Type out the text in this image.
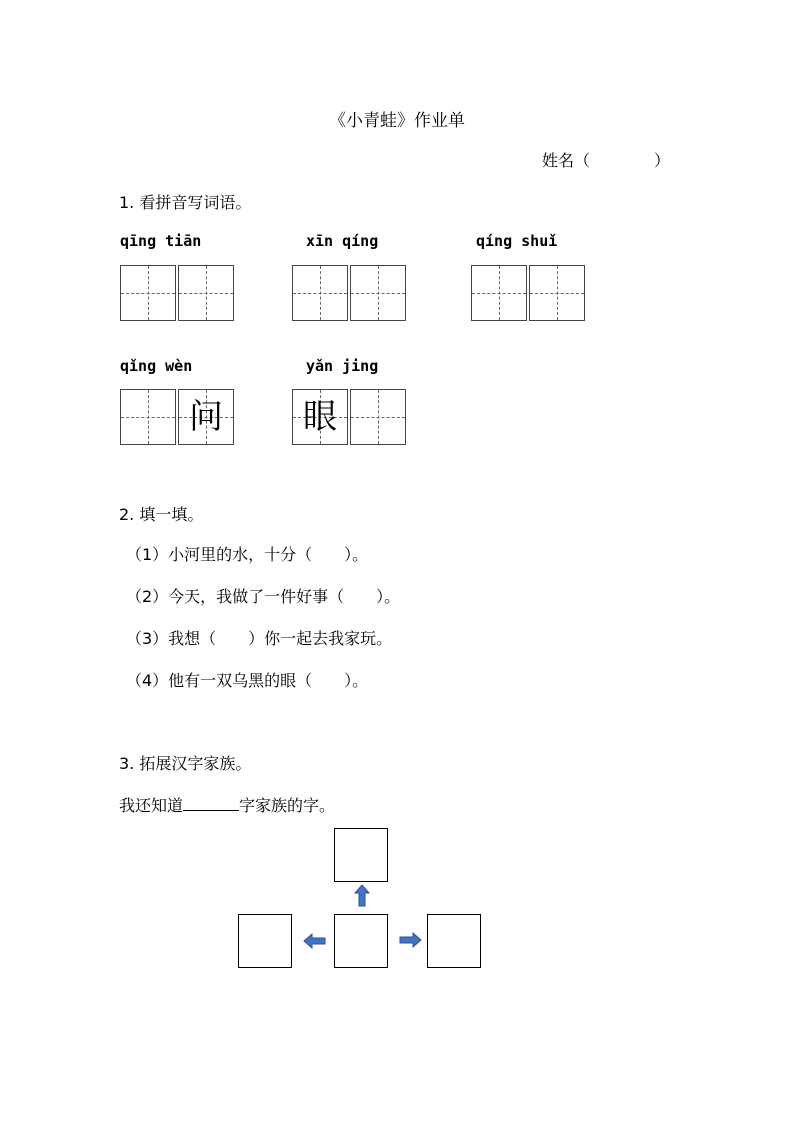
《小青蛙》作业单
姓名（　　　　）
1. 看拼音写词语。
qīng tiān	xīn qíng	qíng shuǐ
qǐng wèn	yǎn jing
问 眼
2. 填一填。
（1）小河里的水，十分（　　）。
（2）今天，我做了一件好事（　　）。
（3）我想（　　）你一起去我家玩。
（4）他有一双乌黑的眼（　　）。
3. 拓展汉字家族。
我还知道	字家族的字。
